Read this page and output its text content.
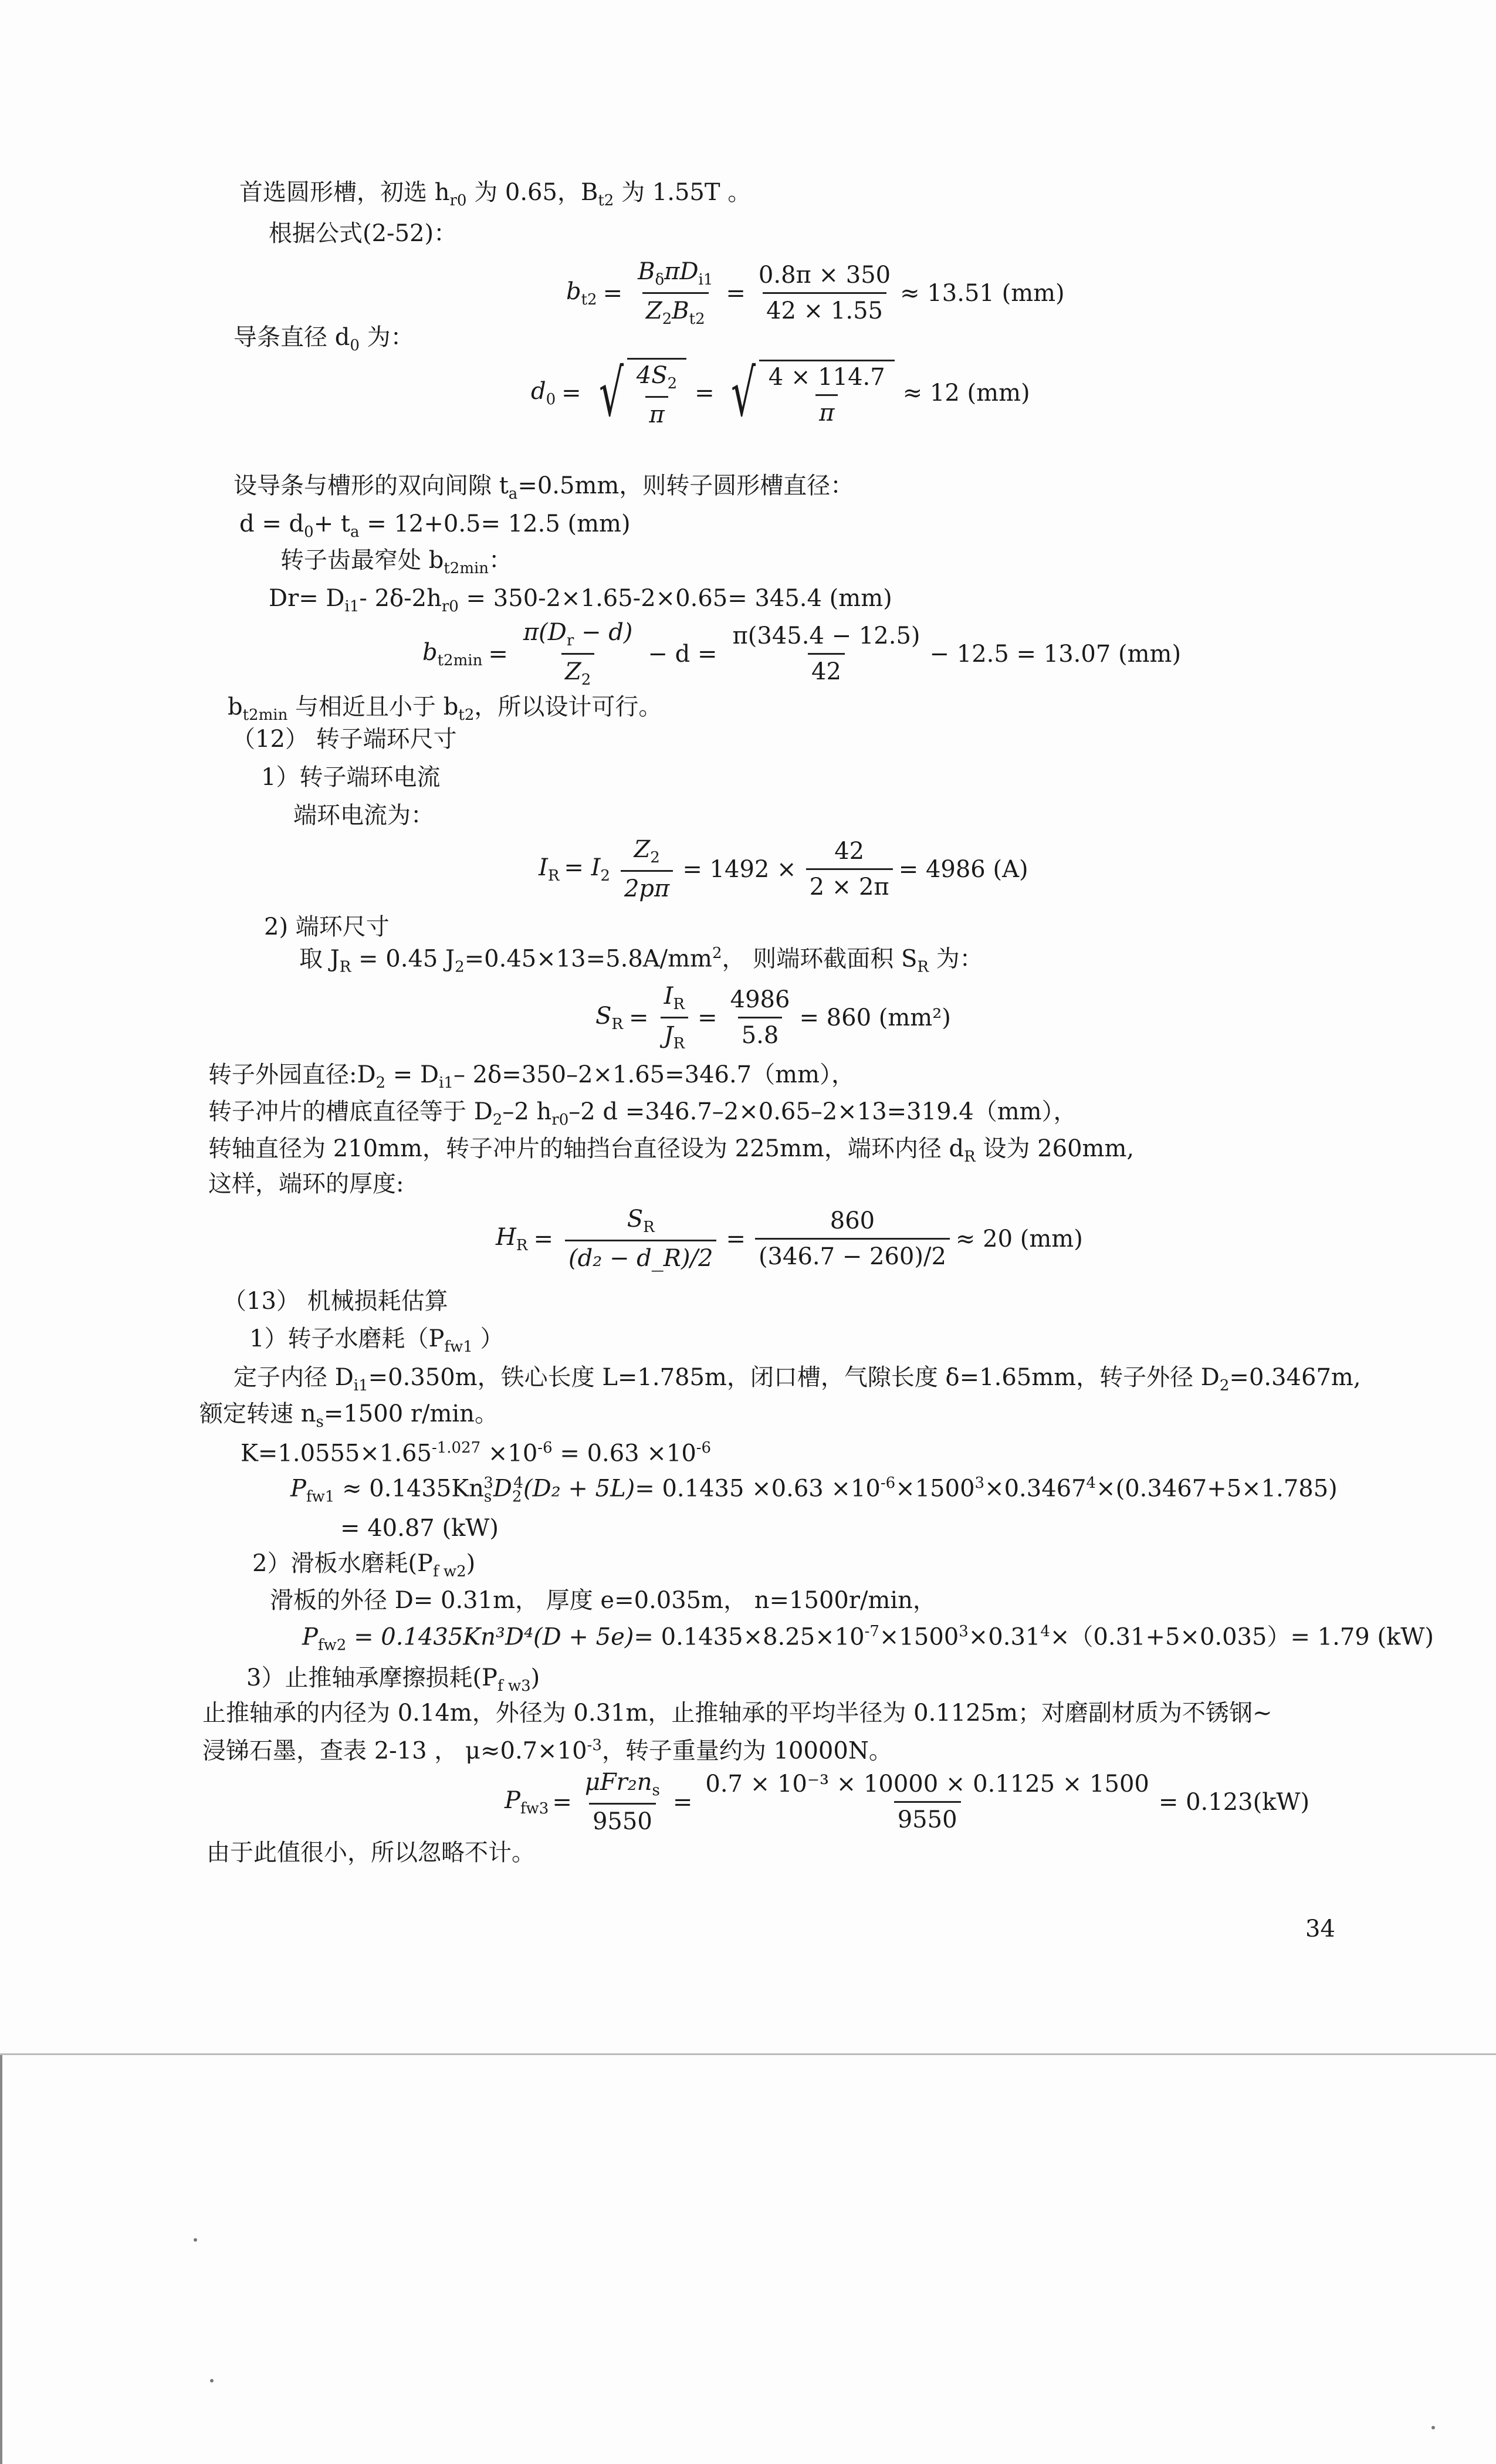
首选圆形槽，初选 $h_{r0}$ 为 0.65，$B_{t2}$ 为 1.55T 。
根据公式(2-52)：
$b_{t2} = \frac{B_\delta\pi D_{i1}}{Z_2B_{t2}} = \frac{0.8\pi \times 350}{42 \times 1.55} \approx 13.51$ (mm)
导条直径 $d_0$ 为：
$d_0$ = √ $\frac{4S_2}{\pi}$ = √ $\frac{4 \times 114.7}{\pi} \approx 12$ (mm)
设导条与槽形的双向间隙 $t_a=0.5mm$，则转子圆形槽直径：
$d = d_0+ t_a = 12+0.5= 12.5$ (mm)
转子齿最窄处 $b_{t2min}$：
$Dr= D_{i1}-$ $2\delta-2h_{r0} = 350-2\times 1.65-2\times 0.65= 345.4$ (mm)
$b_{t2min} = \frac{\pi(D_r - d)}{Z_2} - d = \frac{\pi(345.4 - 12.5)}{42} - 12.5 = 13.07$ (mm)
$b_{t2min}$ 与相近且小于 $b_{t2}$，所以设计可行。
（12） 转子端环尺寸
1）转子端环电流
端环电流为：
$I_R = I_2 \frac{Z_2}{2p\pi} = 1492 \times \frac{42}{2 \times 2\pi} = 4986$ (A)
2) 端环尺寸
取 $J_R = 0.45$ $J_2=0.45\times 13=5.8A/mm^2$， 则端环截面积 $S_R$ 为：
$S_R = \frac{I_R}{J_R} = \frac{4986}{5.8} = 860$ (mm²)
转子外园直径$:D_2 = D_{i1}-$ 2δ=350–2×1.65=346.7（mm），
转子冲片的槽底直径等于 $D_2-2$ $h_{r0}-2$ d =346.7–2×0.65–2×13=319.4（mm），
转轴直径为 210mm，转子冲片的轴挡台直径设为 225mm，端环内径 $d_R$ 设为 260mm,
这样，端环的厚度:
$H_R = \frac{S_R}{\text{(d₂ − d\_R)/2}} = \frac{860}{(346.7 - 260)/2} \approx 20$ (mm)
（13） 机械损耗估算
1）转子水磨耗（$P_{fw1}$ ）
定子内径 $D_{i1}=0.350m$，铁心长度 L=1.785m，闭口槽，气隙长度 δ=1.65mm，转子外径 $D_2=0.3467m$,
额定转速 $n_s=1500$ r/min。
$K=1.0555\times 1.65^{-1.027} \times 10^{-6} = 0.63 \times 10^{-6}$
$P_{fw1} \approx 0.1435Kn_s^3D_2^4(D_2 + 5L)= 0.1435 \times 0.63 \times 10^{-6}\times 1500^3\times 0.3467^4\times(0.3467+5\times 1.785)$
= 40.87 (kW)
2）滑板水磨耗$(P_{f w2})$
滑板的外径 D= 0.31m， 厚度 e=0.035m， n=1500r/min，
$P_{fw2} = 0.1435Kn^3D^4(D + 5e)= 0.1435\times 8.25\times 10^{-7}\times 1500^3\times 0.31^4\times(0.31+5\times 0.035)= 1.79$ (kW)
3）止推轴承摩擦损耗$(P_{f w3})$
止推轴承的内径为 0.14m，外径为 0.31m，止推轴承的平均半径为 0.1125m；对磨副材质为不锈钢~
浸锑石墨，查表 2-13 ， $\mu\approx 0.7\times 10^{-3}$，转子重量约为 10000N。
$P_{fw3} = \frac{\mu Fr_2n_s}{9550} = \frac{\text{0.7 × 10⁻³ × 10000 × 0.1125 × 1500}}{9550} = 0.123(kW)$
由于此值很小，所以忽略不计。
34
